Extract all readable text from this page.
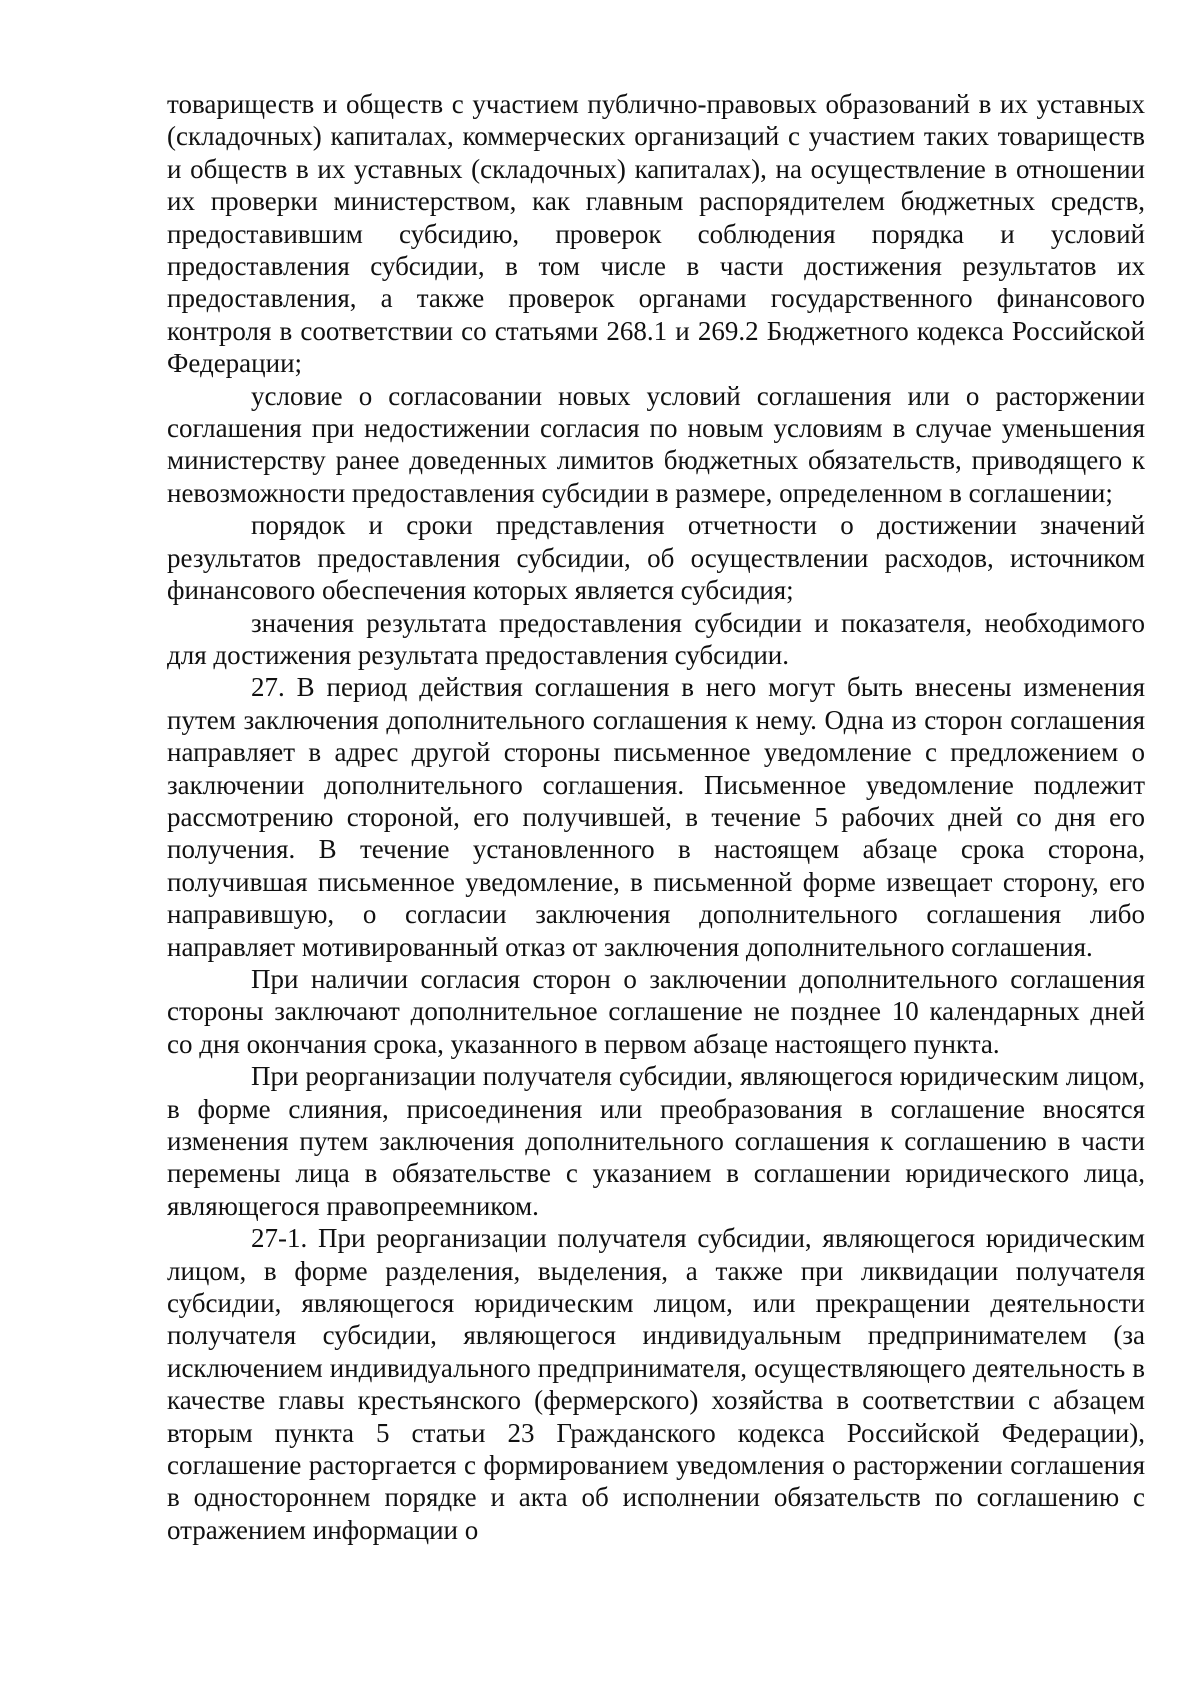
товариществ и обществ с участием публично-правовых образований в их уставных (складочных) капиталах, коммерческих организаций с участием таких товариществ и обществ в их уставных (складочных) капиталах), на осуществление в отношении их проверки министерством, как главным распорядителем бюджетных средств, предоставившим субсидию, проверок соблюдения порядка и условий предоставления субсидии, в том числе в части достижения результатов их предоставления, а также проверок органами государственного финансового контроля в соответствии со статьями 268.1 и 269.2 Бюджетного кодекса Российской Федерации;

условие о согласовании новых условий соглашения или о расторжении соглашения при недостижении согласия по новым условиям в случае уменьшения министерству ранее доведенных лимитов бюджетных обязательств, приводящего к невозможности предоставления субсидии в размере, определенном в соглашении;

порядок и сроки представления отчетности о достижении значений результатов предоставления субсидии, об осуществлении расходов, источником финансового обеспечения которых является субсидия;

значения результата предоставления субсидии и показателя, необходимого для достижения результата предоставления субсидии.

27. В период действия соглашения в него могут быть внесены изменения путем заключения дополнительного соглашения к нему. Одна из сторон соглашения направляет в адрес другой стороны письменное уведомление с предложением о заключении дополнительного соглашения. Письменное уведомление подлежит рассмотрению стороной, его получившей, в течение 5 рабочих дней со дня его получения. В течение установленного в настоящем абзаце срока сторона, получившая письменное уведомление, в письменной форме извещает сторону, его направившую, о согласии заключения дополнительного соглашения либо направляет мотивированный отказ от заключения дополнительного соглашения.

При наличии согласия сторон о заключении дополнительного соглашения стороны заключают дополнительное соглашение не позднее 10 календарных дней со дня окончания срока, указанного в первом абзаце настоящего пункта.

При реорганизации получателя субсидии, являющегося юридическим лицом, в форме слияния, присоединения или преобразования в соглашение вносятся изменения путем заключения дополнительного соглашения к соглашению в части перемены лица в обязательстве с указанием в соглашении юридического лица, являющегося правопреемником.

27-1. При реорганизации получателя субсидии, являющегося юридическим лицом, в форме разделения, выделения, а также при ликвидации получателя субсидии, являющегося юридическим лицом, или прекращении деятельности получателя субсидии, являющегося индивидуальным предпринимателем (за исключением индивидуального предпринимателя, осуществляющего деятельность в качестве главы крестьянского (фермерского) хозяйства в соответствии с абзацем вторым пункта 5 статьи 23 Гражданского кодекса Российской Федерации), соглашение расторгается с формированием уведомления о расторжении соглашения в одностороннем порядке и акта об исполнении обязательств по соглашению с отражением информации о
